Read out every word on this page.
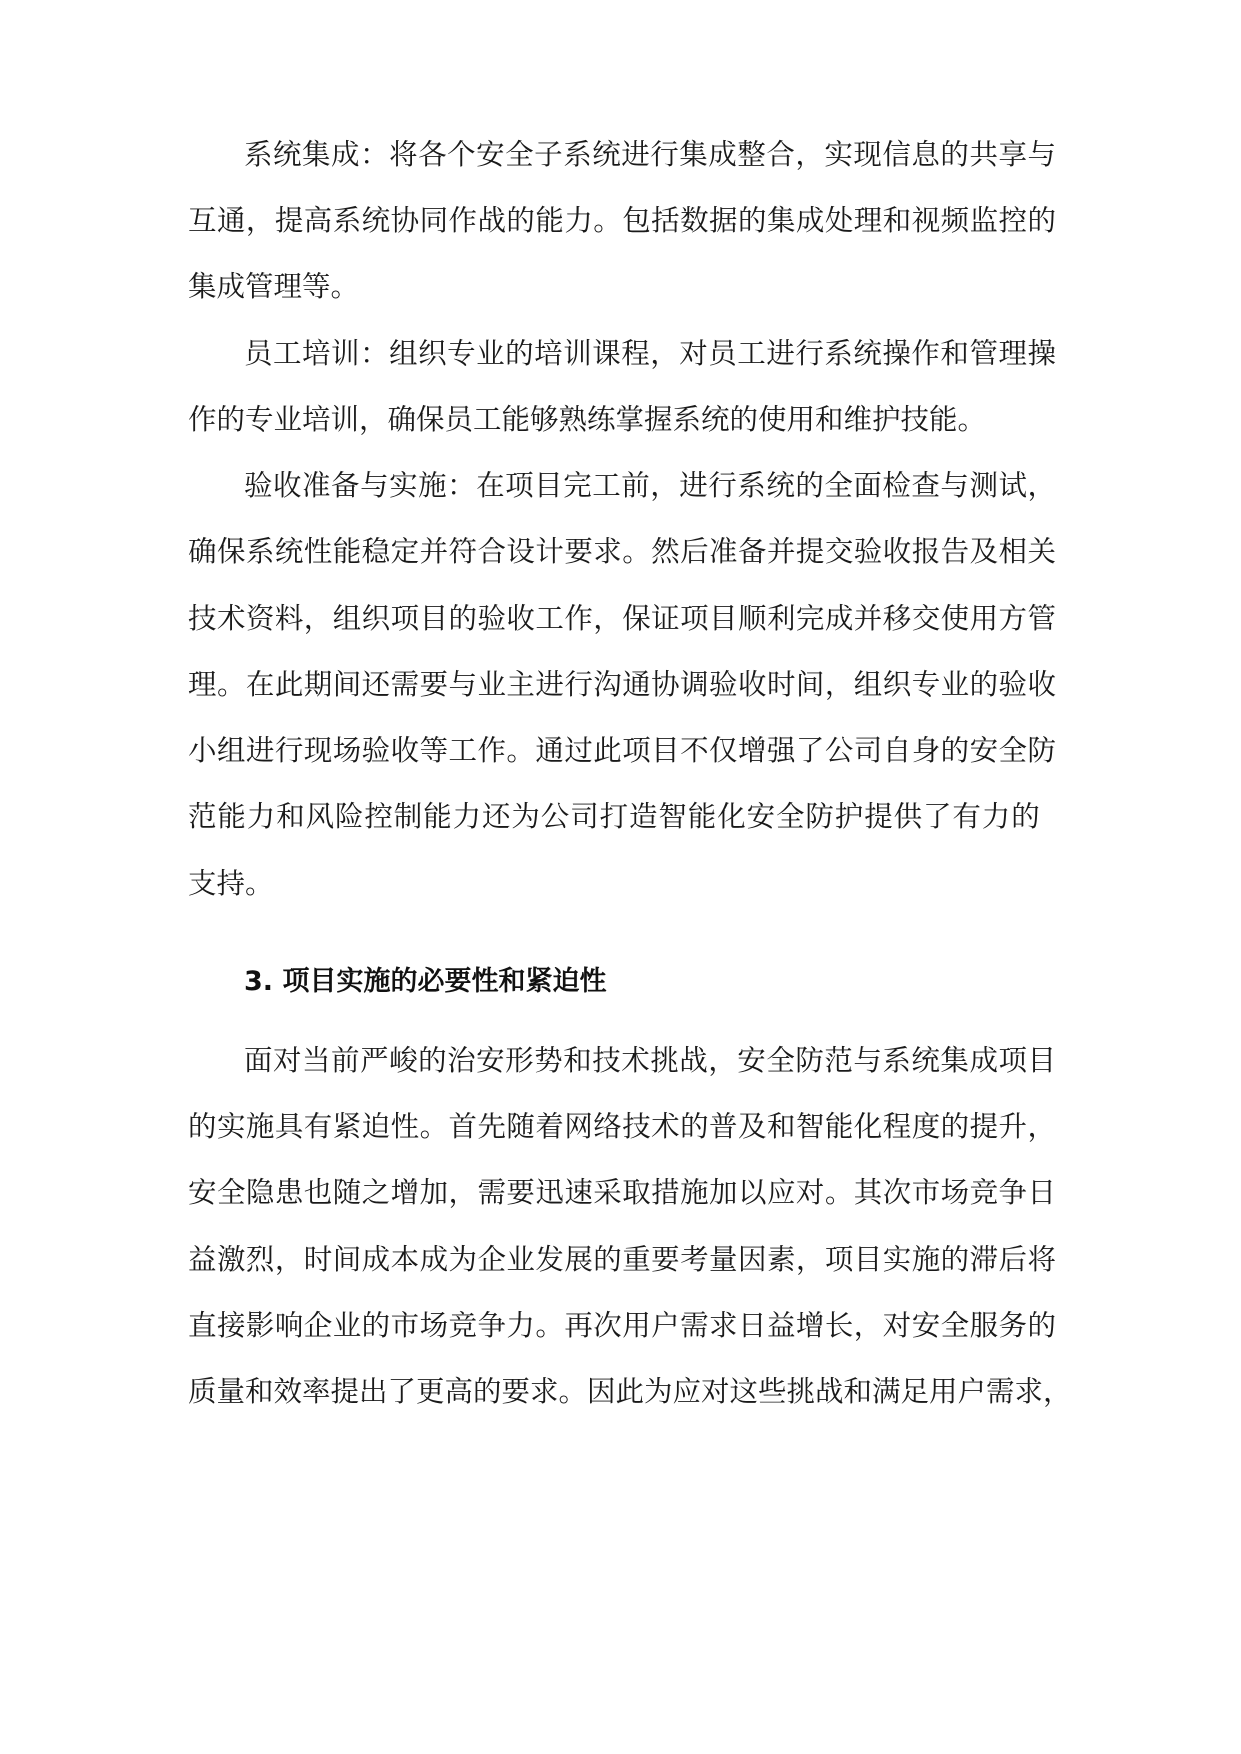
系统集成：将各个安全子系统进行集成整合，实现信息的共享与

互通，提高系统协同作战的能力。包括数据的集成处理和视频监控的

集成管理等。

员工培训：组织专业的培训课程，对员工进行系统操作和管理操

作的专业培训，确保员工能够熟练掌握系统的使用和维护技能。

验收准备与实施：在项目完工前，进行系统的全面检查与测试，

确保系统性能稳定并符合设计要求。然后准备并提交验收报告及相关

技术资料，组织项目的验收工作，保证项目顺利完成并移交使用方管

理。在此期间还需要与业主进行沟通协调验收时间，组织专业的验收

小组进行现场验收等工作。通过此项目不仅增强了公司自身的安全防

范能力和风险控制能力还为公司打造智能化安全防护提供了有力的

支持。

3. 项目实施的必要性和紧迫性

面对当前严峻的治安形势和技术挑战，安全防范与系统集成项目

的实施具有紧迫性。首先随着网络技术的普及和智能化程度的提升，

安全隐患也随之增加，需要迅速采取措施加以应对。其次市场竞争日

益激烈，时间成本成为企业发展的重要考量因素，项目实施的滞后将

直接影响企业的市场竞争力。再次用户需求日益增长，对安全服务的

质量和效率提出了更高的要求。因此为应对这些挑战和满足用户需求，
